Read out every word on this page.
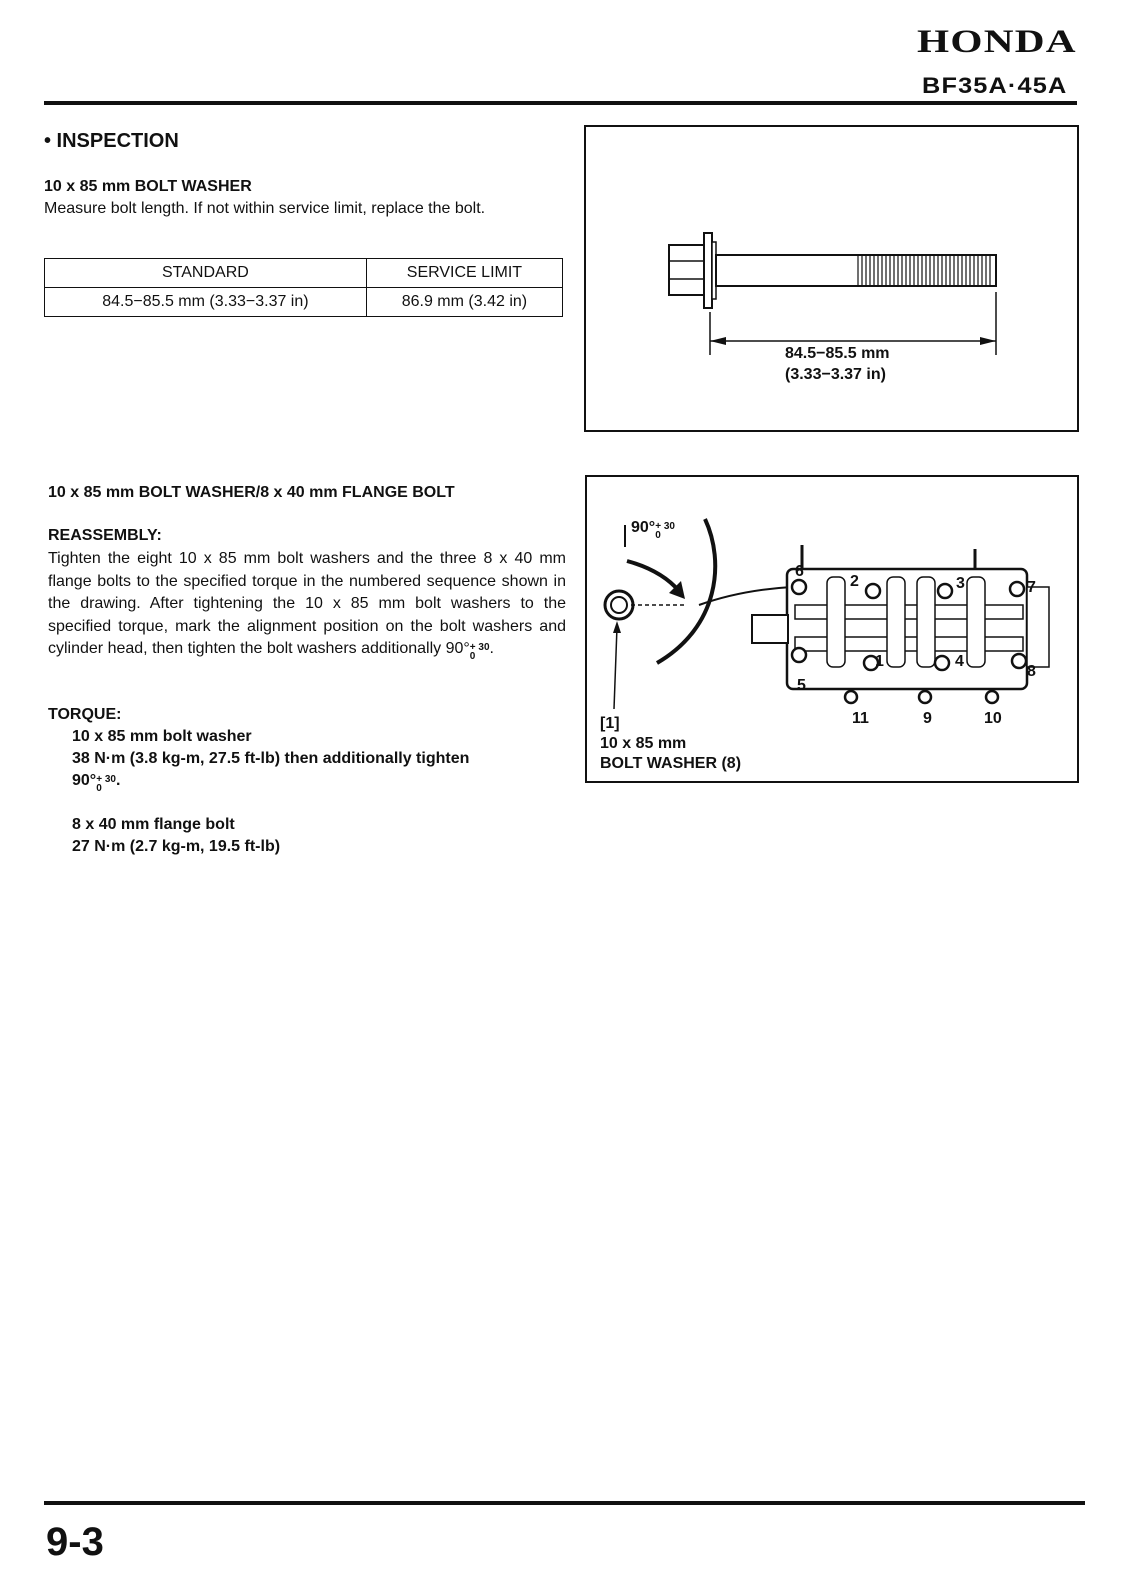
HONDA
BF35A·45A
• INSPECTION
10 x 85 mm BOLT WASHER
Measure bolt length. If not within service limit, replace the bolt.
STANDARD	SERVICE LIMIT
84.5−85.5 mm (3.33−3.37 in)	86.9 mm (3.42 in)
84.5−85.5 mm
(3.33−3.37 in)
10 x 85 mm BOLT WASHER/8 x 40 mm FLANGE BOLT
REASSEMBLY:
Tighten the eight 10 x 85 mm bolt washers and the three 8 x 40 mm flange bolts to the specified torque in the numbered sequence shown in the drawing. After tightening the 10 x 85 mm bolt washers to the specified torque, mark the alignment position on the bolt washers and cylinder head, then tighten the bolt washers additionally 90° + 30
0 .
TORQUE:
10 x 85 mm bolt washer
38 N·m (3.8 kg-m, 27.5 ft-lb) then additionally tighten
90° + 30
0 .
8 x 40 mm flange bolt
27 N·m (2.7 kg-m, 19.5 ft-lb)
90° + 30
0
1
2	3
4
5
6
7
8
9	10
11
[1]
10 x 85 mm
BOLT WASHER (8)
9-3
